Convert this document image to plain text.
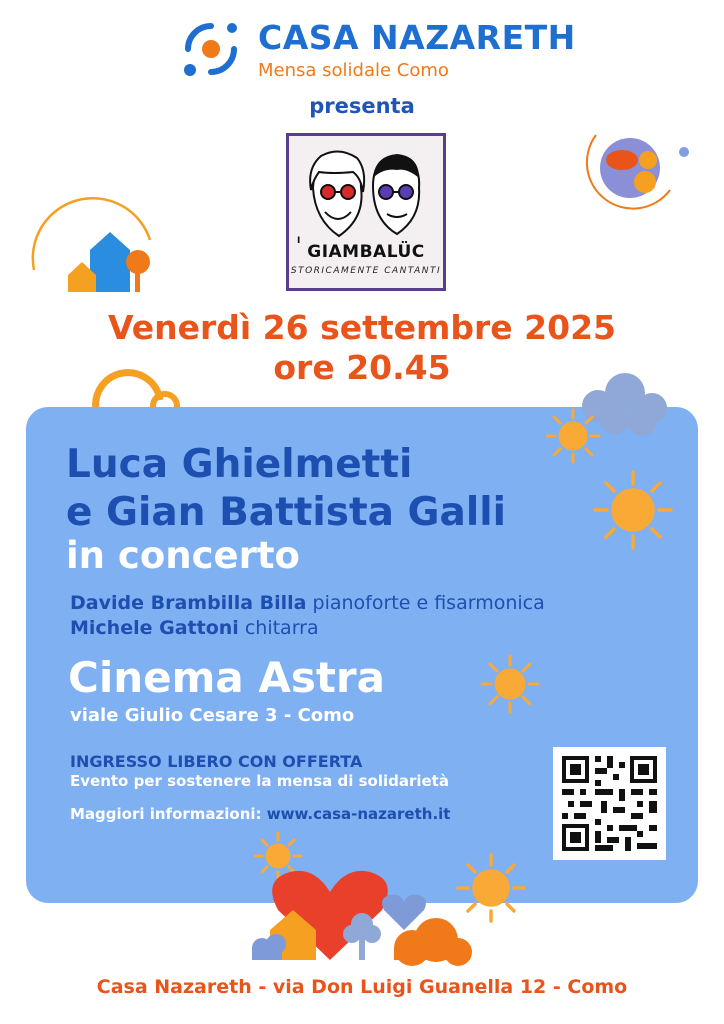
CASA NAZARETH
Mensa solidale Como
presenta
I
GIAMBALÜC
STORICAMENTE CANTANTI
Venerdì 26 settembre 2025
ore 20.45
Luca Ghielmetti
e Gian Battista Galli
in concerto
Davide Brambilla Billa pianoforte e fisarmonica
Michele Gattoni chitarra
Cinema Astra
viale Giulio Cesare 3 - Como
INGRESSO LIBERO CON OFFERTA
Evento per sostenere la mensa di solidarietà
Maggiori informazioni: www.casa-nazareth.it
Casa Nazareth - via Don Luigi Guanella 12 - Como
